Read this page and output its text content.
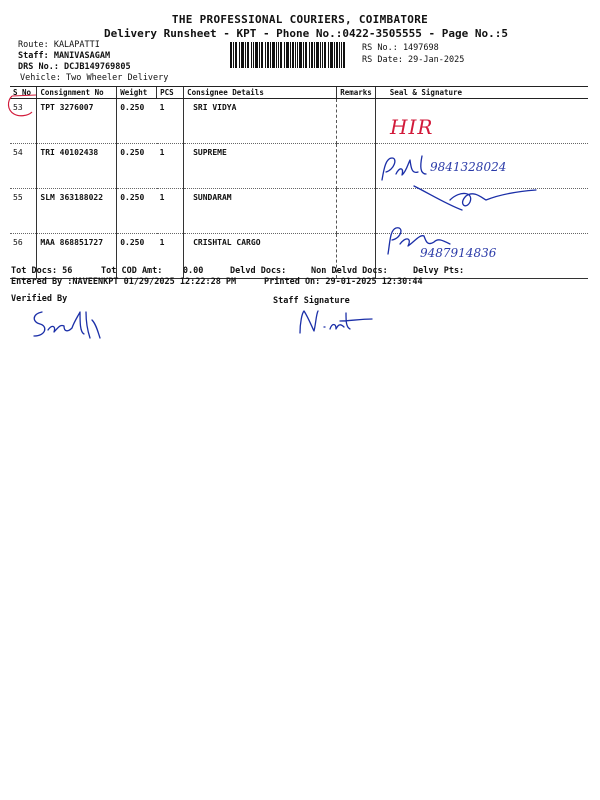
THE PROFESSIONAL COURIERS, COIMBATORE
Delivery Runsheet - KPT - Phone No.:0422-3505555 - Page No.:5
Route: KALAPATTI
Staff: MANIVASAGAM
DRS No.: DCJB149769805
Vehicle: Two Wheeler Delivery
RS No.: 1497698
RS Date: 29-Jan-2025
S No	Consignment No	Weight	PCS	Consignee Details	Remarks	Seal & Signature
53	TPT 3276007	0.250	1	SRI VIDYA		
54	TRI 40102438	0.250	1	SUPREME		
55	SLM 363188022	0.250	1	SUNDARAM		
56	MAA 868851727	0.250	1	CRISHTAL CARGO		
HIR
9841328024
9487914836
Tot Docs: 56	Tot COD Amt:    0.00	Delvd Docs:	Non Delvd Docs:	Delvy Pts:
Entered By :NAVEENKPT 01/29/2025 12:22:28 PM	Printed On: 29-01-2025 12:30:44
Verified By	Staff Signature
